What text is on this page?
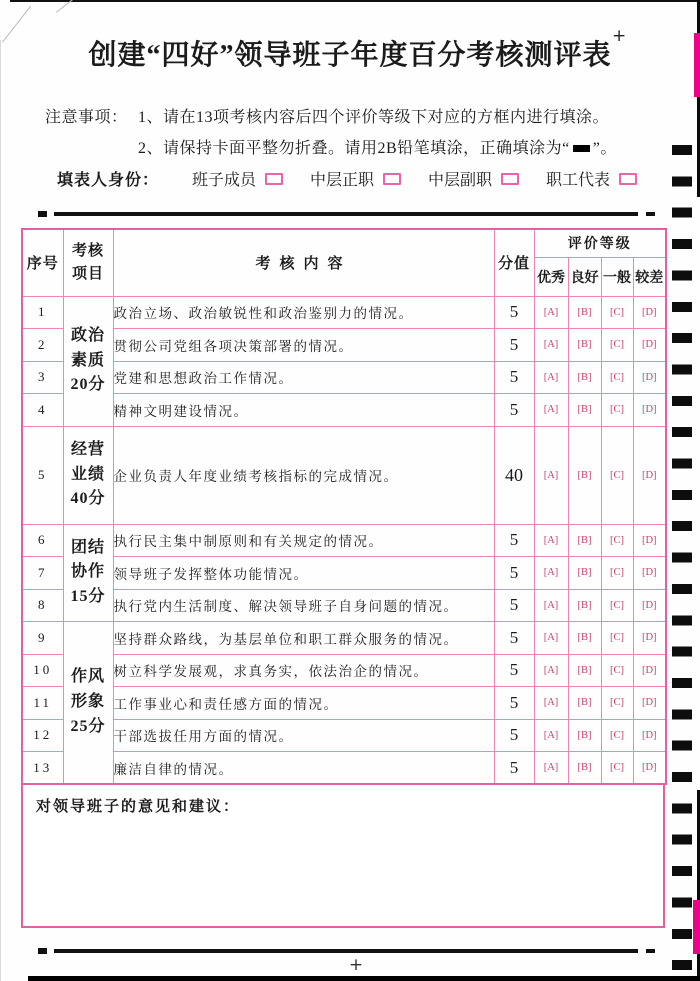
创建“四好”领导班子年度百分考核测评表
+
注意事项： 1、请在13项考核内容后四个评价等级下对应的方框内进行填涂。
2、请保持卡面平整勿折叠。请用2B铅笔填涂，正确填涂为“ ”。
填表人身份： 班子成员	中层正职	中层副职	职工代表
序号	考核项目	考核内容	分值	评价等级			
				优秀	良好	一般	较差
1	政治素质20分	政治立场、政治敏锐性和政治鉴别力的情况。	5	[A]	[B]	[C]	[D]
2		贯彻公司党组各项决策部署的情况。	5	[A]	[B]	[C]	[D]
3		党建和思想政治工作情况。	5	[A]	[B]	[C]	[D]
4		精神文明建设情况。	5	[A]	[B]	[C]	[D]
5	经营业绩40分	企业负责人年度业绩考核指标的完成情况。	40	[A]	[B]	[C]	[D]
6	团结协作15分	执行民主集中制原则和有关规定的情况。	5	[A]	[B]	[C]	[D]
7		领导班子发挥整体功能情况。	5	[A]	[B]	[C]	[D]
8		执行党内生活制度、解决领导班子自身问题的情况。	5	[A]	[B]	[C]	[D]
9	作风形象25分	坚持群众路线，为基层单位和职工群众服务的情况。	5	[A]	[B]	[C]	[D]
10		树立科学发展观，求真务实，依法治企的情况。	5	[A]	[B]	[C]	[D]
11		工作事业心和责任感方面的情况。	5	[A]	[B]	[C]	[D]
12		干部选拔任用方面的情况。	5	[A]	[B]	[C]	[D]
13		廉洁自律的情况。	5	[A]	[B]	[C]	[D]
对领导班子的意见和建议：
+
